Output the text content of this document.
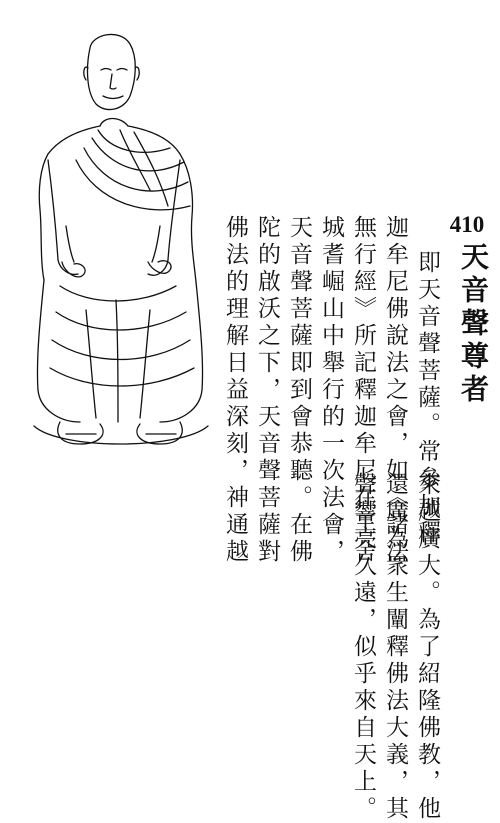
410
天音聲尊者
即天音聲菩薩。常參加釋
迦牟尼佛說法之會，如《諸法
無行經》所記釋迦牟尼在王舍
城耆崛山中舉行的一次法會，
天音聲菩薩即到會恭聽。在佛
陀的啟沃之下，天音聲菩薩對
佛法的理解日益深刻，神通越
來越廣大。為了紹隆佛教，他
還廣為衆生闡釋佛法大義，其
聲響亮久遠，似乎來自天上。
